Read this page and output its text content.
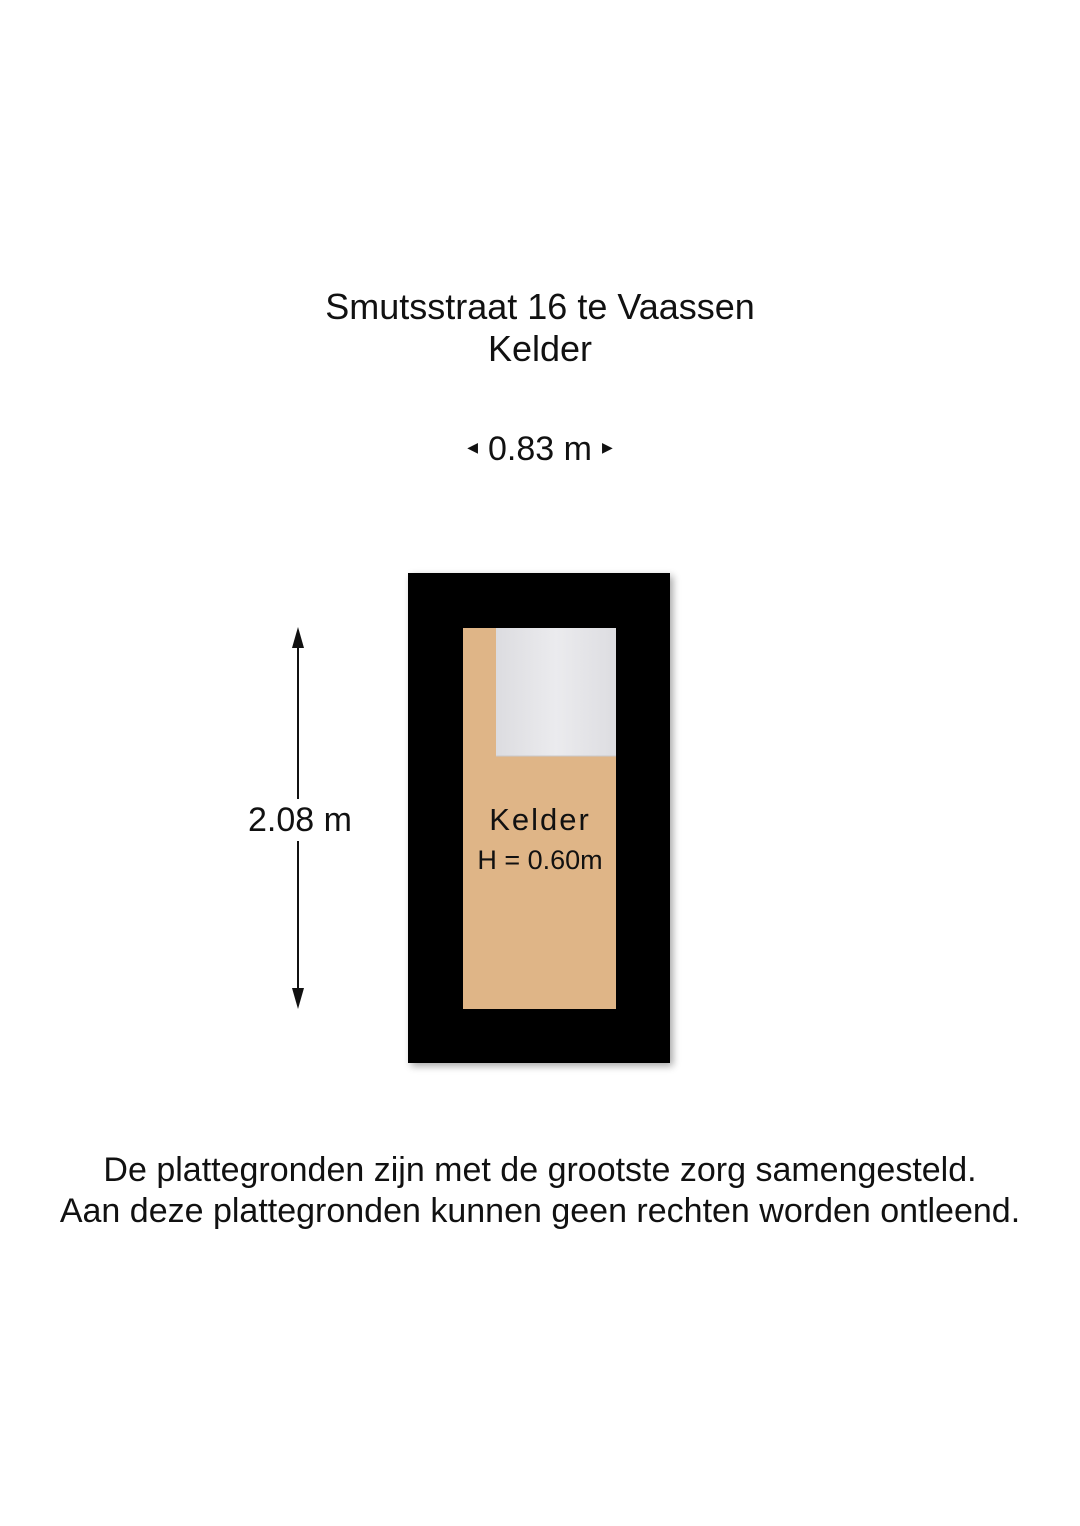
Smutsstraat 16 te Vaassen
Kelder
◀ 0.83 m ▶
2.08 m	Kelder
H = 0.60m
De plattegronden zijn met de grootste zorg samengesteld.
Aan deze plattegronden kunnen geen rechten worden ontleend.
